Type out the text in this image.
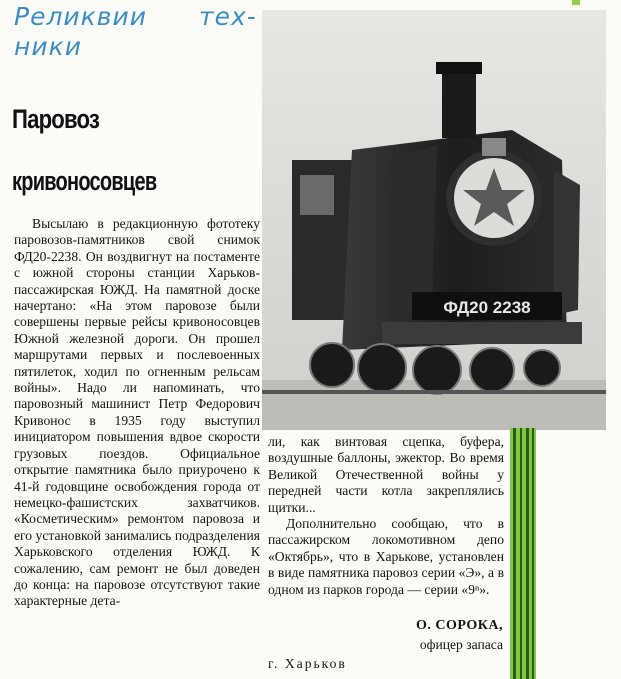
Реликвии тех-
ники
Паровоз
кривоносовцев

Высылаю в редакционную фототеку паровозов-памятников свой снимок ФД20-2238. Он воздвигнут на постаменте с южной стороны станции Харьков-пассажирская ЮЖД. На памятной доске начертано: «На этом паровозе были совершены первые рейсы кривоносовцев Южной железной дороги. Он прошел маршрутами первых и послевоенных пятилеток, ходил по огненным рельсам войны». Надо ли напоминать, что паровозный машинист Петр Федорович Кривонос в 1935 году выступил инициатором повышения вдвое скорости грузовых поездов. Официальное открытие памятника было приурочено к 41-й годовщине освобождения города от немецко-фашистских захватчиков. «Косметическим» ремонтом паровоза и его установкой занимались подразделения Харьковского отделения ЮЖД. К сожалению, сам ремонт не был доведен до конца: на паровозе отсутствуют такие характерные дета-

ФД20 2238

ли, как винтовая сцепка, буфера, воздушные баллоны, эжектор. Во время Великой Отечественной войны у передней части котла закреплялись щитки...

Дополнительно сообщаю, что в пассажирском локомотивном депо «Октябрь», что в Харькове, установлен в виде памятника паровоз серии «Э», а в одном из парков города — серии «9ⁿ».

О. СОРОКА,

офицер запаса

г. Харьков
